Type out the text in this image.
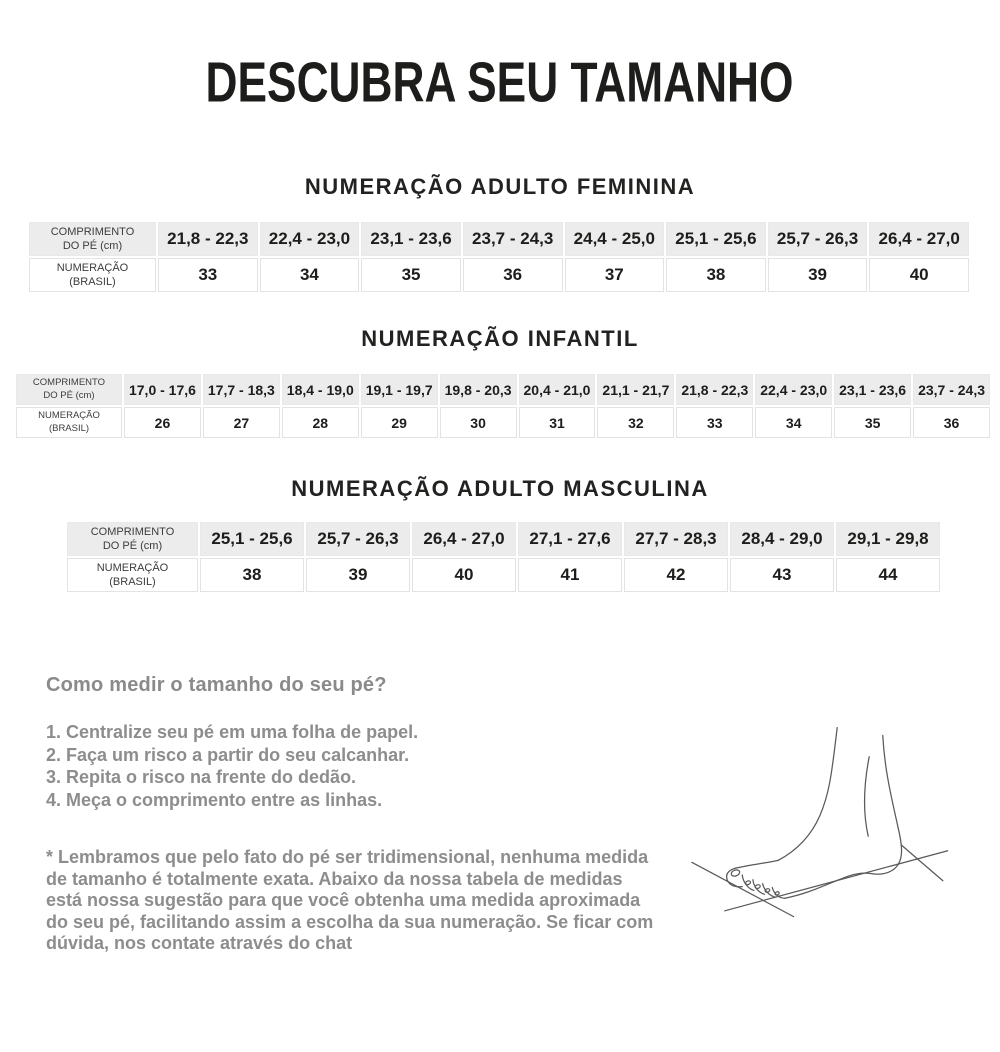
DESCUBRA SEU TAMANHO
NUMERAÇÃO ADULTO FEMININA
COMPRIMENTO
DO PÉ (cm)	21,8 - 22,3	22,4 - 23,0	23,1 - 23,6	23,7 - 24,3	24,4 - 25,0	25,1 - 25,6	25,7 - 26,3	26,4 - 27,0
NUMERAÇÃO
(BRASIL)	33	34	35	36	37	38	39	40
NUMERAÇÃO INFANTIL
COMPRIMENTO
DO PÉ (cm)	17,0 - 17,6	17,7 - 18,3	18,4 - 19,0	19,1 - 19,7	19,8 - 20,3	20,4 - 21,0	21,1 - 21,7	21,8 - 22,3	22,4 - 23,0	23,1 - 23,6	23,7 - 24,3
NUMERAÇÃO
(BRASIL)	26	27	28	29	30	31	32	33	34	35	36
NUMERAÇÃO ADULTO MASCULINA
COMPRIMENTO
DO PÉ (cm)	25,1 - 25,6	25,7 - 26,3	26,4 - 27,0	27,1 - 27,6	27,7 - 28,3	28,4 - 29,0	29,1 - 29,8
NUMERAÇÃO
(BRASIL)	38	39	40	41	42	43	44
Como medir o tamanho do seu pé?
1. Centralize seu pé em uma folha de papel.
2. Faça um risco a partir do seu calcanhar.
3. Repita o risco na frente do dedão.
4. Meça o comprimento entre as linhas.
* Lembramos que pelo fato do pé ser tridimensional, nenhuma medida de tamanho é totalmente exata. Abaixo da nossa tabela de medidas está nossa sugestão para que você obtenha uma medida aproximada do seu pé, facilitando assim a escolha da sua numeração. Se ficar com dúvida, nos contate através do chat
